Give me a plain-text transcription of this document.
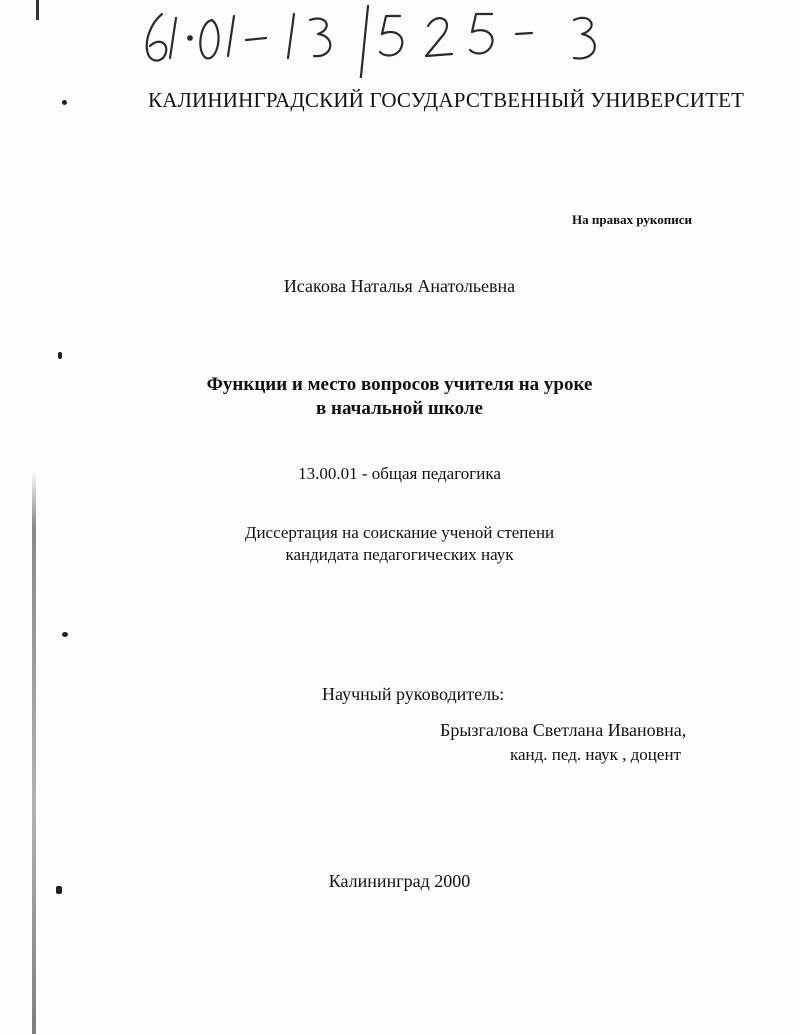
КАЛИНИНГРАДСКИЙ ГОСУДАРСТВЕННЫЙ УНИВЕРСИТЕТ
На правах рукописи
Исакова Наталья Анатольевна
Функции и место вопросов учителя на уроке
в начальной школе
13.00.01 - общая педагогика
Диссертация на соискание ученой степени
кандидата педагогических наук
Научный руководитель:
Брызгалова Светлана Ивановна,
канд. пед. наук , доцент
Калининград 2000
